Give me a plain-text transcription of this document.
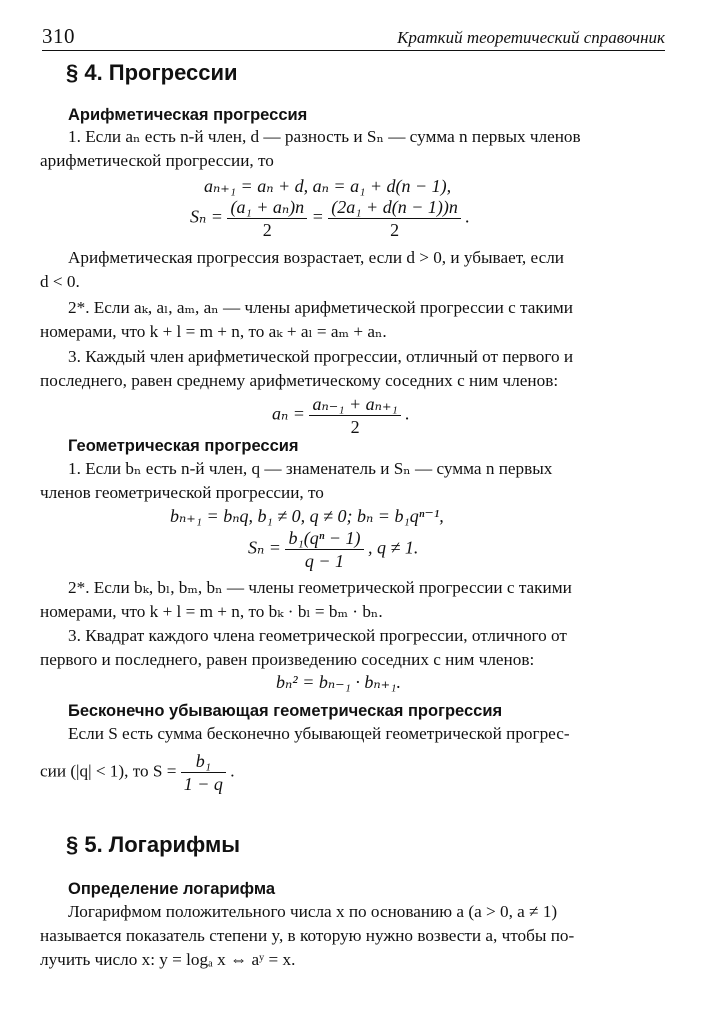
310	Краткий теоретический справочник
§ 4. Прогрессии
Арифметическая прогрессия
1. Если aₙ есть n-й член, d — разность и Sₙ — сумма n первых членов
арифметической прогрессии, то
aₙ₊₁ = aₙ + d, aₙ = a₁ + d(n − 1),
$S_n = \frac{\text{(a₁ + aₙ)n}}{2} = \frac{\text{(2a₁ + d(n − 1))n}}{2}$ .
Арифметическая прогрессия возрастает, если d > 0, и убывает, если
d < 0.
2*. Если aₖ, aₗ, aₘ, aₙ — члены арифметической прогрессии с такими
номерами, что k + l = m + n, то aₖ + aₗ = aₘ + aₙ.
3. Каждый член арифметической прогрессии, отличный от первого и
последнего, равен среднему арифметическому соседних с ним членов:
$a_n = \frac{\text{aₙ₋₁ + aₙ₊₁}}{2}$ .
Геометрическая прогрессия
1. Если bₙ есть n-й член, q — знаменатель и Sₙ — сумма n первых
членов геометрической прогрессии, то
bₙ₊₁ = bₙq, b₁ ≠ 0, q ≠ 0; bₙ = b₁qⁿ⁻¹,
$S_n = \frac{\text{b₁(qⁿ − 1)}}{q - 1}$ , q ≠ 1.
2*. Если bₖ, bₗ, bₘ, bₙ — члены геометрической прогрессии с такими
номерами, что k + l = m + n, то bₖ · bₗ = bₘ · bₙ.
3. Квадрат каждого члена геометрической прогрессии, отличного от
первого и последнего, равен произведению соседних с ним членов:
bₙ² = bₙ₋₁ · bₙ₊₁.
Бесконечно убывающая геометрическая прогрессия
Если S есть сумма бесконечно убывающей геометрической прогрес-
сии (|q| < 1), то $S = \frac{\text{b₁}}{1 - q}$ .
§ 5. Логарифмы
Определение логарифма
Логарифмом положительного числа x по основанию a (a > 0, a ≠ 1)
называется показатель степени y, в которую нужно возвести a, чтобы по-
лучить число x: y = logₐ x ⇔ aʸ = x.
